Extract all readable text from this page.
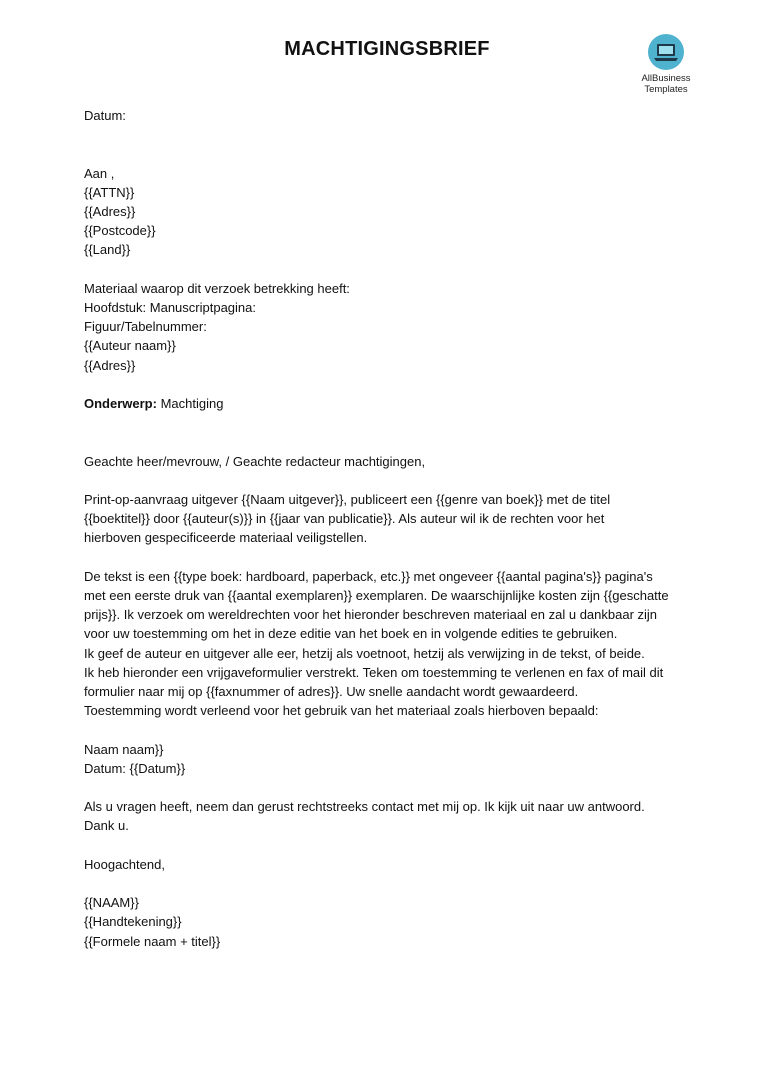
MACHTIGINGSBRIEF
AllBusiness
Templates
Datum:
Aan ,
{{ATTN}}
{{Adres}}
{{Postcode}}
{{Land}}
Materiaal waarop dit verzoek betrekking heeft:
Hoofdstuk: Manuscriptpagina:
Figuur/Tabelnummer:
{{Auteur naam}}
{{Adres}}
Onderwerp: Machtiging
Geachte heer/mevrouw, / Geachte redacteur machtigingen,
Print-op-aanvraag uitgever {{Naam uitgever}}, publiceert een {{genre van boek}} met de titel
{{boektitel}} door {{auteur(s)}} in {{jaar van publicatie}}. Als auteur wil ik de rechten voor het
hierboven gespecificeerde materiaal veiligstellen.
De tekst is een {{type boek: hardboard, paperback, etc.}} met ongeveer {{aantal pagina's}} pagina's
met een eerste druk van {{aantal exemplaren}} exemplaren. De waarschijnlijke kosten zijn {{geschatte
prijs}}. Ik verzoek om wereldrechten voor het hieronder beschreven materiaal en zal u dankbaar zijn
voor uw toestemming om het in deze editie van het boek en in volgende edities te gebruiken.
Ik geef de auteur en uitgever alle eer, hetzij als voetnoot, hetzij als verwijzing in de tekst, of beide.
Ik heb hieronder een vrijgaveformulier verstrekt. Teken om toestemming te verlenen en fax of mail dit
formulier naar mij op {{faxnummer of adres}}. Uw snelle aandacht wordt gewaardeerd.
Toestemming wordt verleend voor het gebruik van het materiaal zoals hierboven bepaald:
Naam naam}}
Datum: {{Datum}}
Als u vragen heeft, neem dan gerust rechtstreeks contact met mij op. Ik kijk uit naar uw antwoord.
Dank u.
Hoogachtend,
{{NAAM}}
{{Handtekening}}
{{Formele naam + titel}}
